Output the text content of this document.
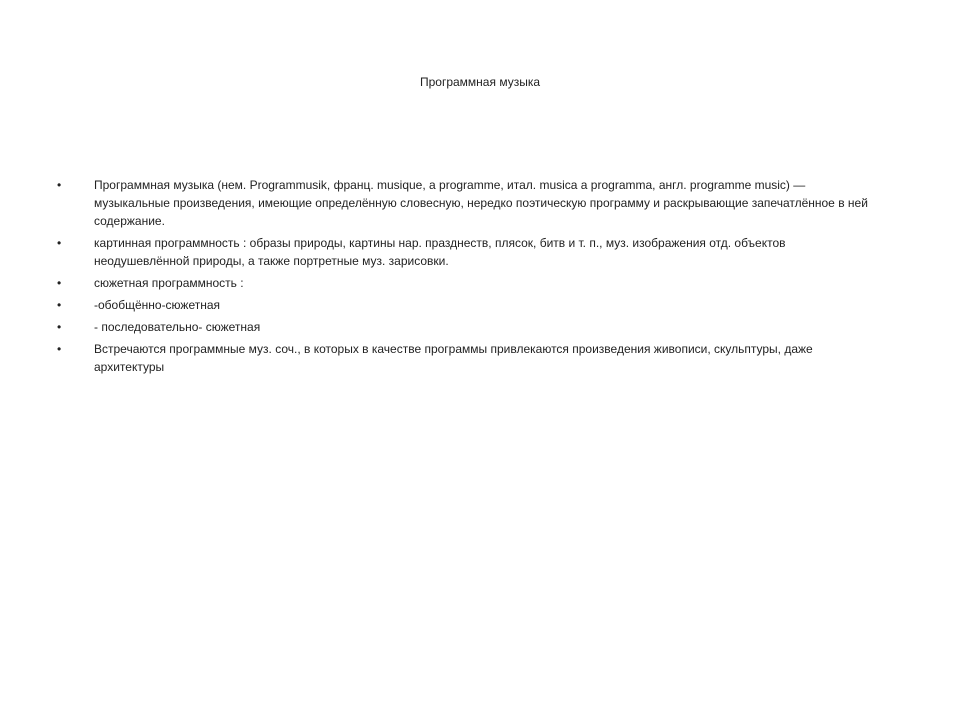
Программная музыка
•	Программная музыка (нем. Programmusik, франц. musique, a programme, итал. musica a programma, англ. programme music) — музыкальные произведения, имеющие определённую словесную, нередко поэтическую программу и раскрывающие запечатлённое в ней содержание.
•	картинная программность : образы природы, картины нар. празднеств, плясок, битв и т. п., муз. изображения отд. объектов неодушевлённой природы, а также портретные муз. зарисовки.
•	сюжетная программность :
•	-обобщённо-сюжетная
•	- последовательно- сюжетная
•	Встречаются программные муз. соч., в которых в качестве программы привлекаются произведения живописи, скульптуры, даже архитектуры
